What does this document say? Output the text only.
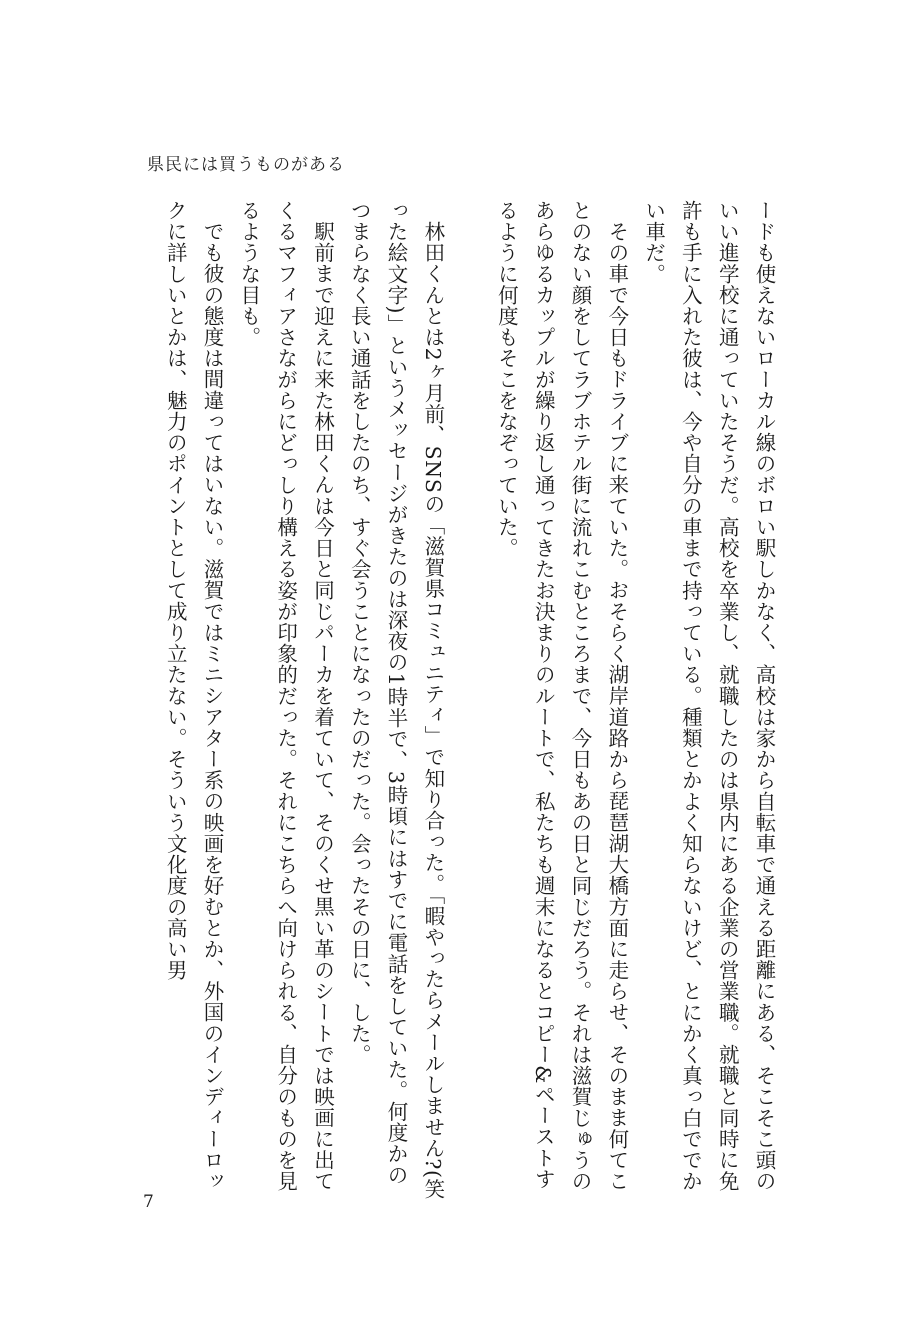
県民には買うものがある

ードも使えないローカル線のボロい駅しかなく、高校は家から自転車で通える距離にある、そこそこ頭のいい進学校に通っていたそうだ。高校を卒業し、就職したのは県内にある企業の営業職。就職と同時に免許も手に入れた彼は、今や自分の車まで持っている。種類とかよく知らないけど、とにかく真っ白ででかい車だ。

その車で今日もドライブに来ていた。おそらく湖岸道路から琵琶湖大橋方面に走らせ、そのまま何てことのない顔をしてラブホテル街に流れこむところまで、今日もあの日と同じだろう。それは滋賀じゅうのあらゆるカップルが繰り返し通ってきたお決まりのルートで、私たちも週末になるとコピー&ペーストするように何度もそこをなぞっていた。

林田くんとは2ヶ月前、SNSの「滋賀県コミュニティ」で知り合った。「暇やったらメールしません?(笑った絵文字)」というメッセージがきたのは深夜の1時半で、3時頃にはすでに電話をしていた。何度かのつまらなく長い通話をしたのち、すぐ会うことになったのだった。会ったその日に、した。

駅前まで迎えに来た林田くんは今日と同じパーカを着ていて、そのくせ黒い革のシートでは映画に出てくるマフィアさながらにどっしり構える姿が印象的だった。それにこちらへ向けられる、自分のものを見るような目も。

でも彼の態度は間違ってはいない。滋賀ではミニシアター系の映画を好むとか、外国のインディーロックに詳しいとかは、魅力のポイントとして成り立たない。そういう文化度の高い男

7
